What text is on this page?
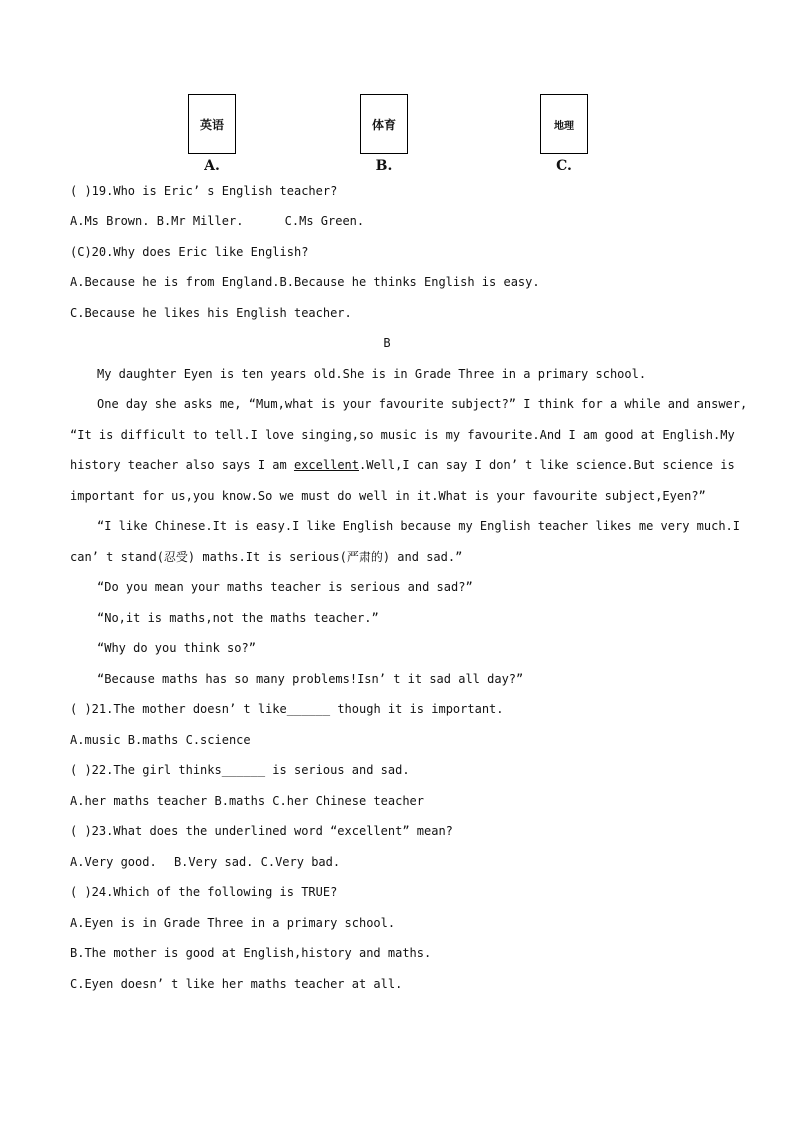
英语
A.
体育
B.
地理
C.
( )19.Who is Eric’ s English teacher?
A.Ms Brown. B.Mr Miller.	C.Ms Green.
(C)20.Why does Eric like English?
A.Because he is from England.B.Because he thinks English is easy.
C.Because he likes his English teacher.
B
My daughter Eyen is ten years old.She is in Grade Three in a primary school.
One day she asks me, “Mum,what is your favourite subject?” I think for a while and answer,
“It is difficult to tell.I love singing,so music is my favourite.And I am good at English.My
history teacher also says I am excellent.Well,I can say I don’ t like science.But science is
important for us,you know.So we must do well in it.What is your favourite subject,Eyen?”
“I like Chinese.It is easy.I like English because my English teacher likes me very much.I
can’ t stand(忍受) maths.It is serious(严肃的) and sad.”
“Do you mean your maths teacher is serious and sad?”
“No,it is maths,not the maths teacher.”
“Why do you think so?”
“Because maths has so many problems!Isn’ t it sad all day?”
( )21.The mother doesn’ t like______ though it is important.
A.music B.maths C.science
( )22.The girl thinks______ is serious and sad.
A.her maths teacher B.maths C.her Chinese teacher
( )23.What does the underlined word “excellent” mean?
A.Very good. B.Very sad. C.Very bad.
( )24.Which of the following is TRUE?
A.Eyen is in Grade Three in a primary school.
B.The mother is good at English,history and maths.
C.Eyen doesn’ t like her maths teacher at all.
